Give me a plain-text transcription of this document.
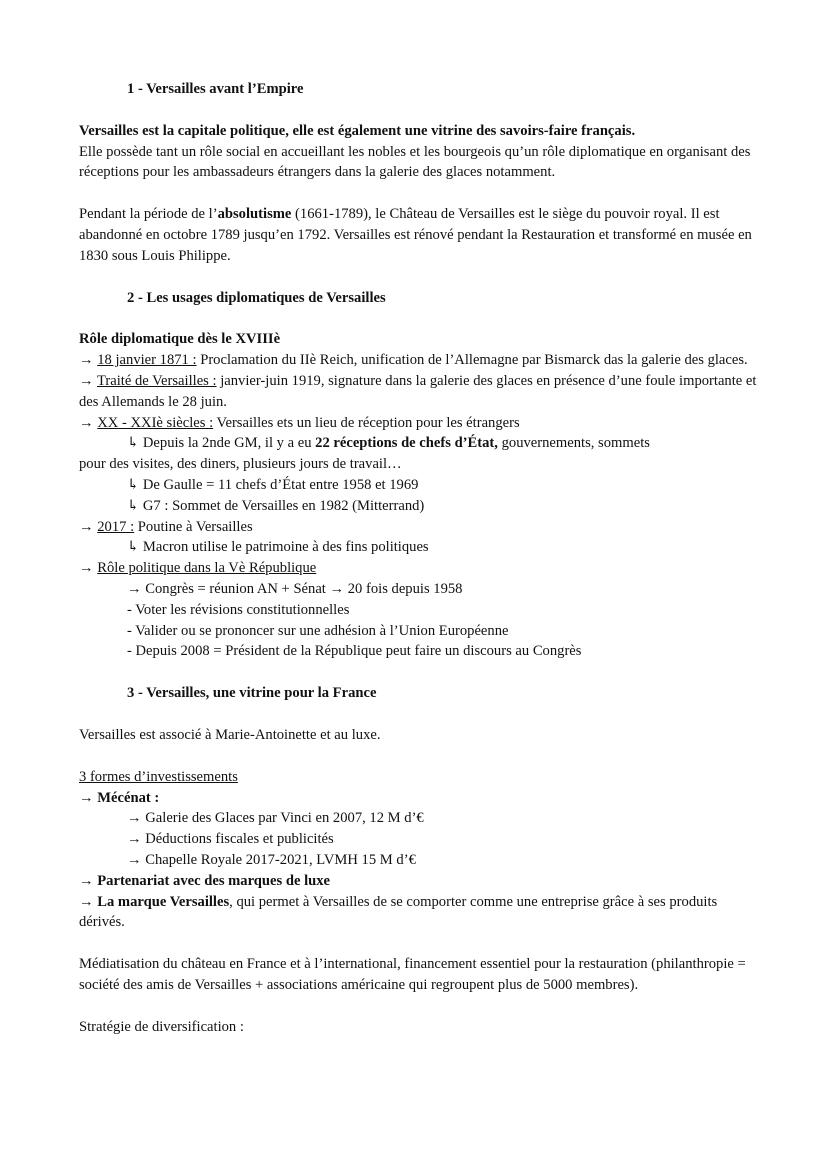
1 - Versailles avant l’Empire

Versailles est la capitale politique, elle est également une vitrine des savoirs-faire français.
Elle possède tant un rôle social en accueillant les nobles et les bourgeois qu’un rôle diplomatique en organisant des réceptions pour les ambassadeurs étrangers dans la galerie des glaces notamment.

Pendant la période de l’absolutisme (1661-1789), le Château de Versailles est le siège du pouvoir royal. Il est abandonné en octobre 1789 jusqu’en 1792. Versailles est rénové pendant la Restauration et transformé en musée en 1830 sous Louis Philippe.

2 - Les usages diplomatiques de Versailles

Rôle diplomatique dès le XVIIIè

→ 18 janvier 1871 : Proclamation du IIè Reich, unification de l’Allemagne par Bismarck das la galerie des glaces.

→ Traité de Versailles : janvier-juin 1919, signature dans la galerie des glaces en présence d’une foule importante et des Allemands le 28 juin.

→ XX - XXIè siècles : Versailles ets un lieu de réception pour les étrangers

↳ Depuis la 2nde GM, il y a eu 22 réceptions de chefs d’État, gouvernements, sommets
pour des visites, des diners, plusieurs jours de travail…

↳ De Gaulle = 11 chefs d’État entre 1958 et 1969

↳ G7 : Sommet de Versailles en 1982 (Mitterrand)

→ 2017 : Poutine à Versailles

↳ Macron utilise le patrimoine à des fins politiques

→ Rôle politique dans la Vè République

→ Congrès = réunion AN + Sénat → 20 fois depuis 1958

- Voter les révisions constitutionnelles

- Valider ou se prononcer sur une adhésion à l’Union Européenne

- Depuis 2008 = Président de la République peut faire un discours au Congrès

3 - Versailles, une vitrine pour la France

Versailles est associé à Marie-Antoinette et au luxe.

3 formes d’investissements

→ Mécénat :

→ Galerie des Glaces par Vinci en 2007, 12 M d’€

→ Déductions fiscales et publicités

→ Chapelle Royale 2017-2021, LVMH 15 M d’€

→ Partenariat avec des marques de luxe

→ La marque Versailles, qui permet à Versailles de se comporter comme une entreprise grâce à ses produits dérivés.

Médiatisation du château en France et à l’international, financement essentiel pour la restauration (philanthropie = société des amis de Versailles + associations américaine qui regroupent plus de 5000 membres).

Stratégie de diversification :
